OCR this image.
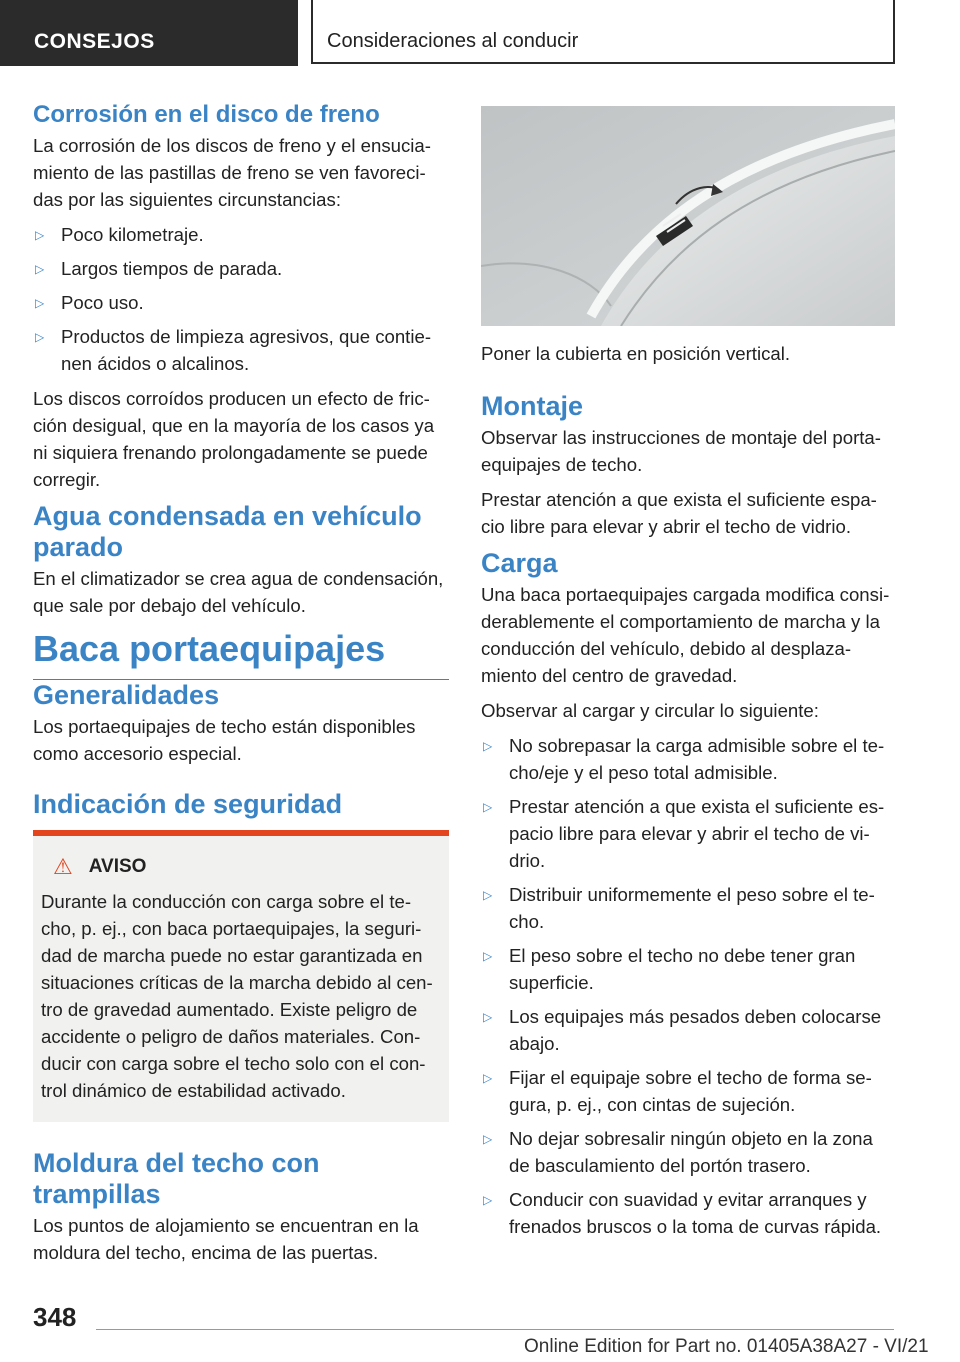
CONSEJOS	Consideraciones al conducir
Corrosión en el disco de freno

La corrosión de los discos de freno y el ensucia-miento de las pastillas de freno se ven favoreci-das por las siguientes circunstancias:

▷ Poco kilometraje.
▷ Largos tiempos de parada.
▷ Poco uso.
▷ Productos de limpieza agresivos, que contie-nen ácidos o alcalinos.

Los discos corroídos producen un efecto de fric-ción desigual, que en la mayoría de los casos ya ni siquiera frenando prolongadamente se puede corregir.

Agua condensada en vehículo parado

En el climatizador se crea agua de condensación, que sale por debajo del vehículo.

Baca portaequipajes
Generalidades

Los portaequipajes de techo están disponibles como accesorio especial.

Indicación de seguridad
⚠ AVISO

Durante la conducción con carga sobre el te-cho, p. ej., con baca portaequipajes, la seguri-dad de marcha puede no estar garantizada en situaciones críticas de la marcha debido al cen-tro de gravedad aumentado. Existe peligro de accidente o peligro de daños materiales. Con-ducir con carga sobre el techo solo con el con-trol dinámico de estabilidad activado.

Moldura del techo con trampillas

Los puntos de alojamiento se encuentran en la moldura del techo, encima de las puertas.

Poner la cubierta en posición vertical.

Montaje

Observar las instrucciones de montaje del porta-equipajes de techo.

Prestar atención a que exista el suficiente espa-cio libre para elevar y abrir el techo de vidrio.

Carga

Una baca portaequipajes cargada modifica consi-derablemente el comportamiento de marcha y la conducción del vehículo, debido al desplaza-miento del centro de gravedad.

Observar al cargar y circular lo siguiente:

▷ No sobrepasar la carga admisible sobre el te-cho/eje y el peso total admisible.
▷ Prestar atención a que exista el suficiente es-pacio libre para elevar y abrir el techo de vi-drio.
▷ Distribuir uniformemente el peso sobre el te-cho.
▷ El peso sobre el techo no debe tener gran superficie.
▷ Los equipajes más pesados deben colocarse abajo.
▷ Fijar el equipaje sobre el techo de forma se-gura, p. ej., con cintas de sujeción.
▷ No dejar sobresalir ningún objeto en la zona de basculamiento del portón trasero.
▷ Conducir con suavidad y evitar arranques y frenados bruscos o la toma de curvas rápida.
348
Online Edition for Part no. 01405A38A27 - VI/21
